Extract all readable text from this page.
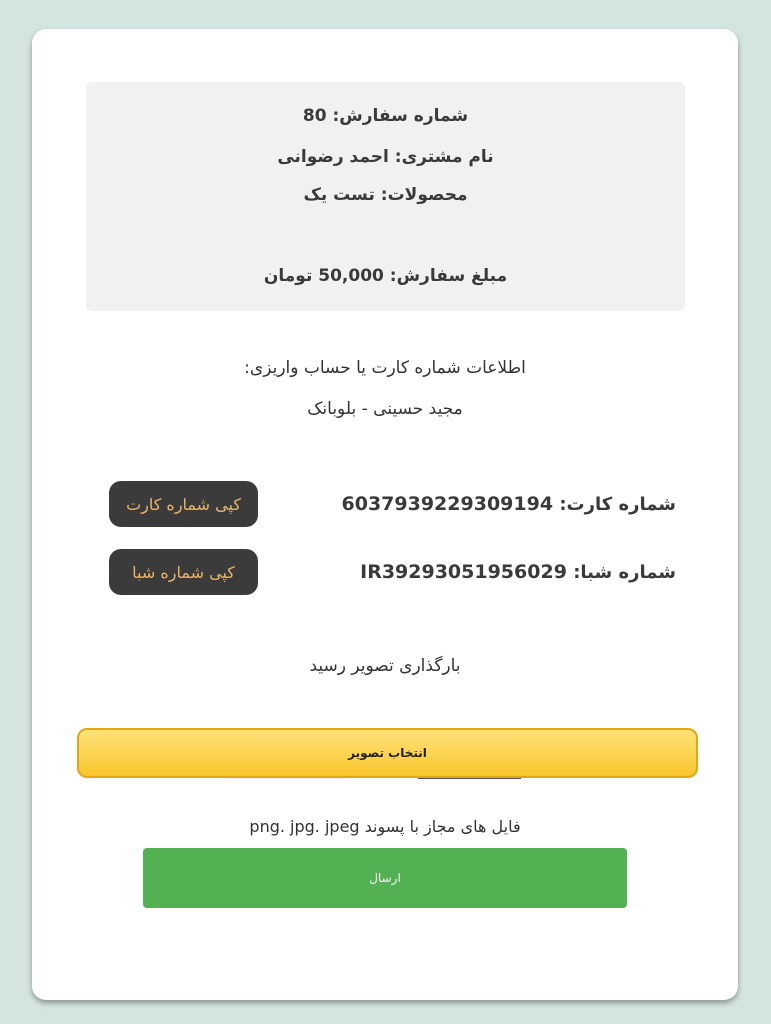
شماره سفارش: 80
نام مشتری: احمد رضوانی
محصولات: تست یک
مبلغ سفارش: 50,000 تومان
اطلاعات شماره کارت یا حساب واریزی:
مجید حسینی - بلوبانک
شماره کارت: 6037939229309194
کپی شماره کارت
شماره شبا: IR39293051956029
کپی شماره شبا
بارگذاری تصویر رسید
انتخاب تصویر
فایل های مجاز با پسوند png. jpg. jpeg
ارسال
